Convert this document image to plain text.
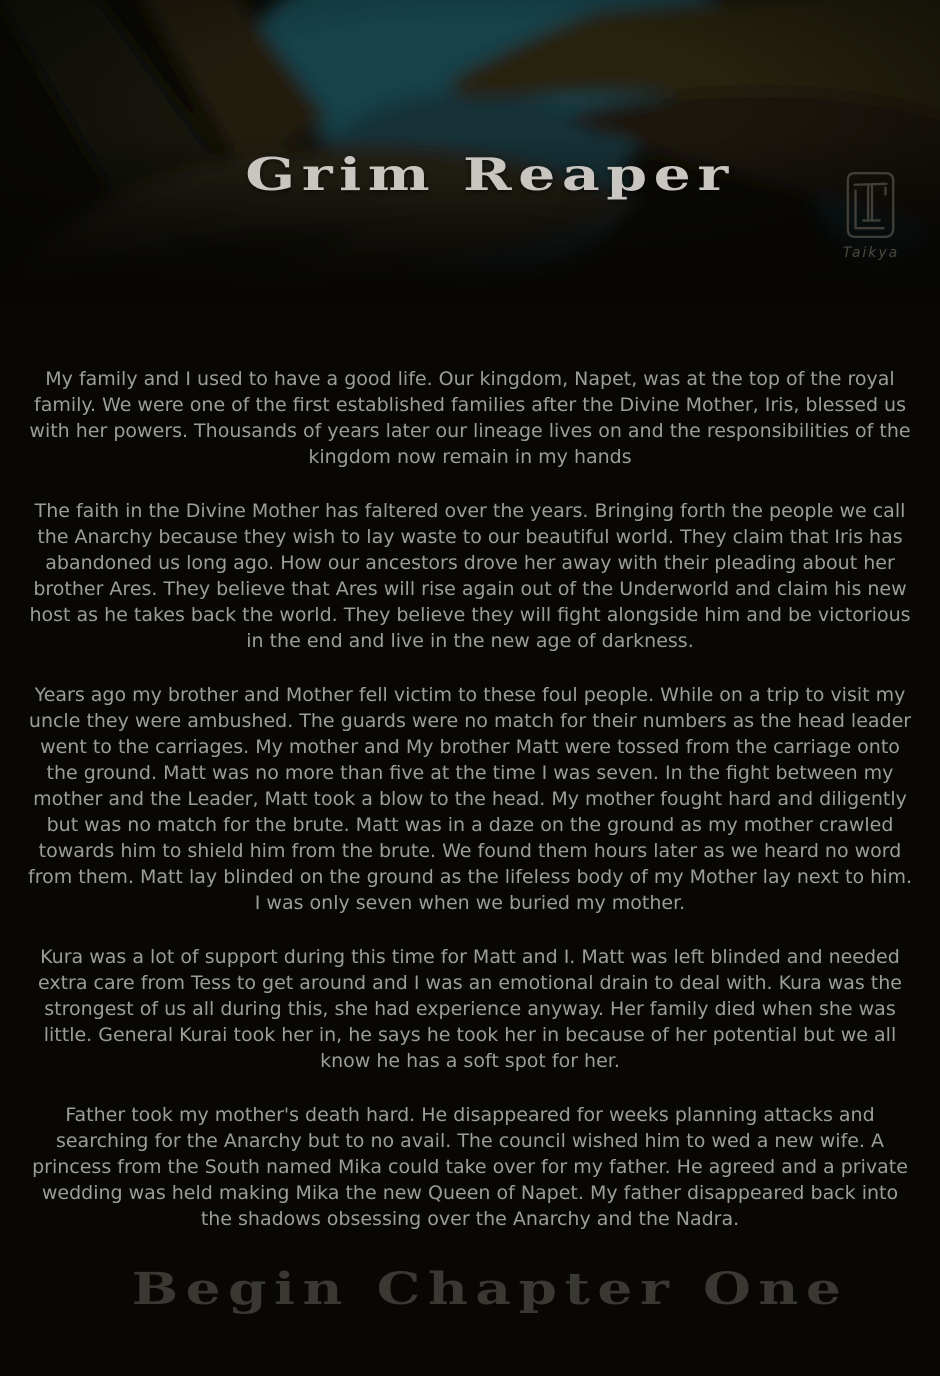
Grim Reaper
Taikya

My family and I used to have a good life. Our kingdom, Napet, was at the top of the royal family. We were one of the first established families after the Divine Mother, Iris, blessed us with her powers. Thousands of years later our lineage lives on and the responsibilities of the kingdom now remain in my hands

The faith in the Divine Mother has faltered over the years. Bringing forth the people we call the Anarchy because they wish to lay waste to our beautiful world. They claim that Iris has abandoned us long ago. How our ancestors drove her away with their pleading about her brother Ares. They believe that Ares will rise again out of the Underworld and claim his new host as he takes back the world. They believe they will fight alongside him and be victorious in the end and live in the new age of darkness.

Years ago my brother and Mother fell victim to these foul people. While on a trip to visit my uncle they were ambushed. The guards were no match for their numbers as the head leader went to the carriages. My mother and My brother Matt were tossed from the carriage onto the ground. Matt was no more than five at the time I was seven. In the fight between my mother and the Leader, Matt took a blow to the head. My mother fought hard and diligently but was no match for the brute. Matt was in a daze on the ground as my mother crawled towards him to shield him from the brute. We found them hours later as we heard no word from them. Matt lay blinded on the ground as the lifeless body of my Mother lay next to him. I was only seven when we buried my mother.

Kura was a lot of support during this time for Matt and I. Matt was left blinded and needed extra care from Tess to get around and I was an emotional drain to deal with. Kura was the strongest of us all during this, she had experience anyway. Her family died when she was little. General Kurai took her in, he says he took her in because of her potential but we all know he has a soft spot for her.

Father took my mother's death hard. He disappeared for weeks planning attacks and searching for the Anarchy but to no avail. The council wished him to wed a new wife. A princess from the South named Mika could take over for my father. He agreed and a private wedding was held making Mika the new Queen of Napet. My father disappeared back into the shadows obsessing over the Anarchy and the Nadra.

Begin Chapter One
